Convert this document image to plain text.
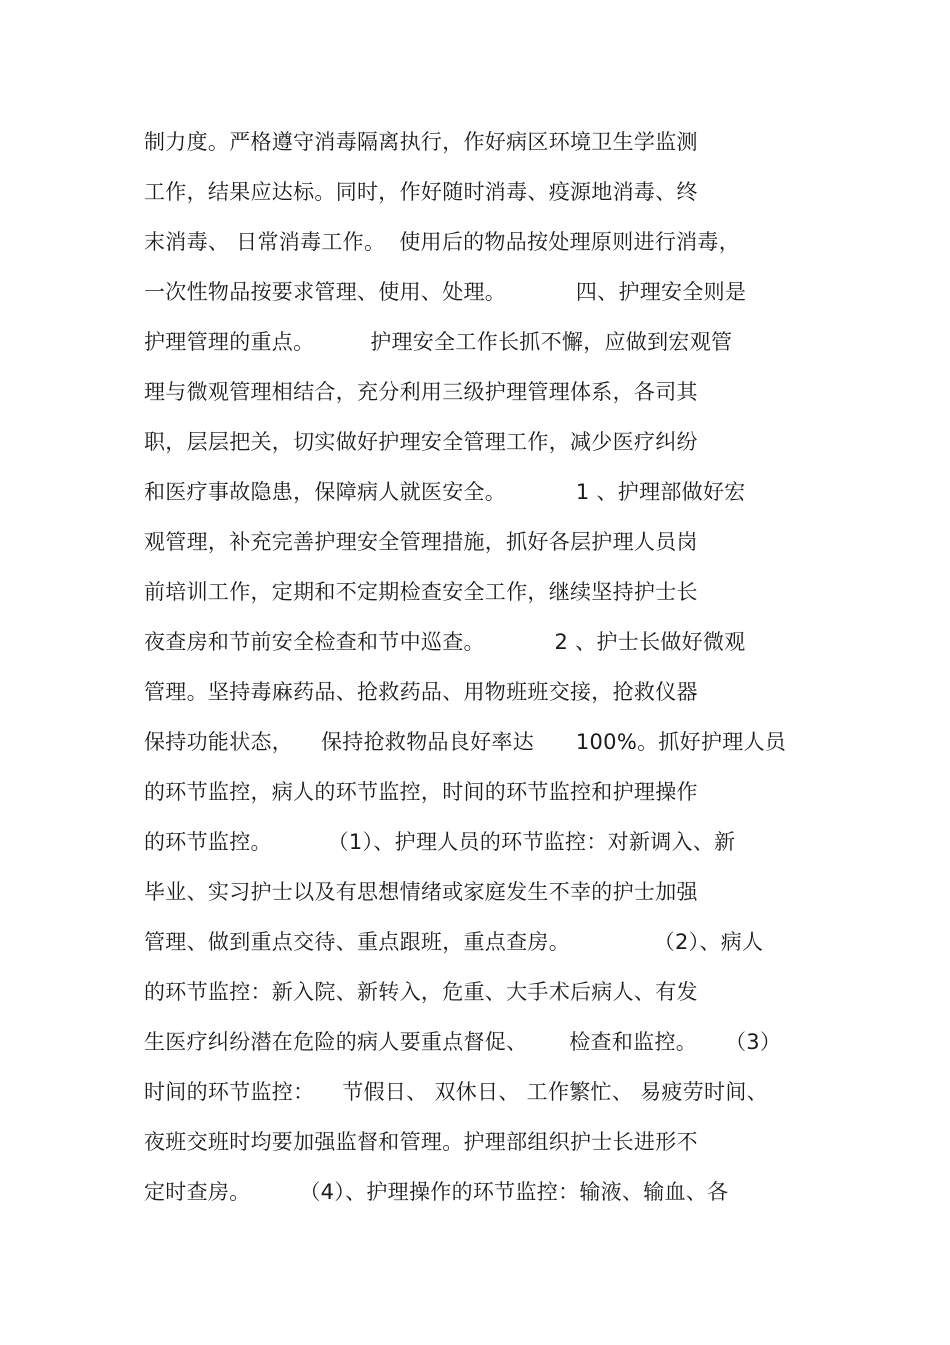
制力度。严格遵守消毒隔离执行，作好病区环境卫生学监测
工作，结果应达标。同时，作好随时消毒、疫源地消毒、终
末消毒、 日常消毒工作。  使用后的物品按处理原则进行消毒，
一次性物品按要求管理、使用、处理。          四、护理安全则是
护理管理的重点。        护理安全工作长抓不懈，应做到宏观管
理与微观管理相结合，充分利用三级护理管理体系，各司其
职，层层把关，切实做好护理安全管理工作，减少医疗纠纷
和医疗事故隐患，保障病人就医安全。          1 、护理部做好宏
观管理，补充完善护理安全管理措施，抓好各层护理人员岗
前培训工作，定期和不定期检查安全工作，继续坚持护士长
夜查房和节前安全检查和节中巡查。          2 、护士长做好微观
管理。坚持毒麻药品、抢救药品、用物班班交接，抢救仪器
保持功能状态，    保持抢救物品良好率达      100%。抓好护理人员
的环节监控，病人的环节监控，时间的环节监控和护理操作
的环节监控。        （1）、护理人员的环节监控：对新调入、新
毕业、实习护士以及有思想情绪或家庭发生不幸的护士加强
管理、做到重点交待、重点跟班，重点查房。            （2）、病人
的环节监控：新入院、新转入，危重、大手术后病人、有发
生医疗纠纷潜在危险的病人要重点督促、      检查和监控。    （3）
时间的环节监控：    节假日、 双休日、 工作繁忙、 易疲劳时间、
夜班交班时均要加强监督和管理。护理部组织护士长进形不
定时查房。       （4）、护理操作的环节监控：输液、输血、各
